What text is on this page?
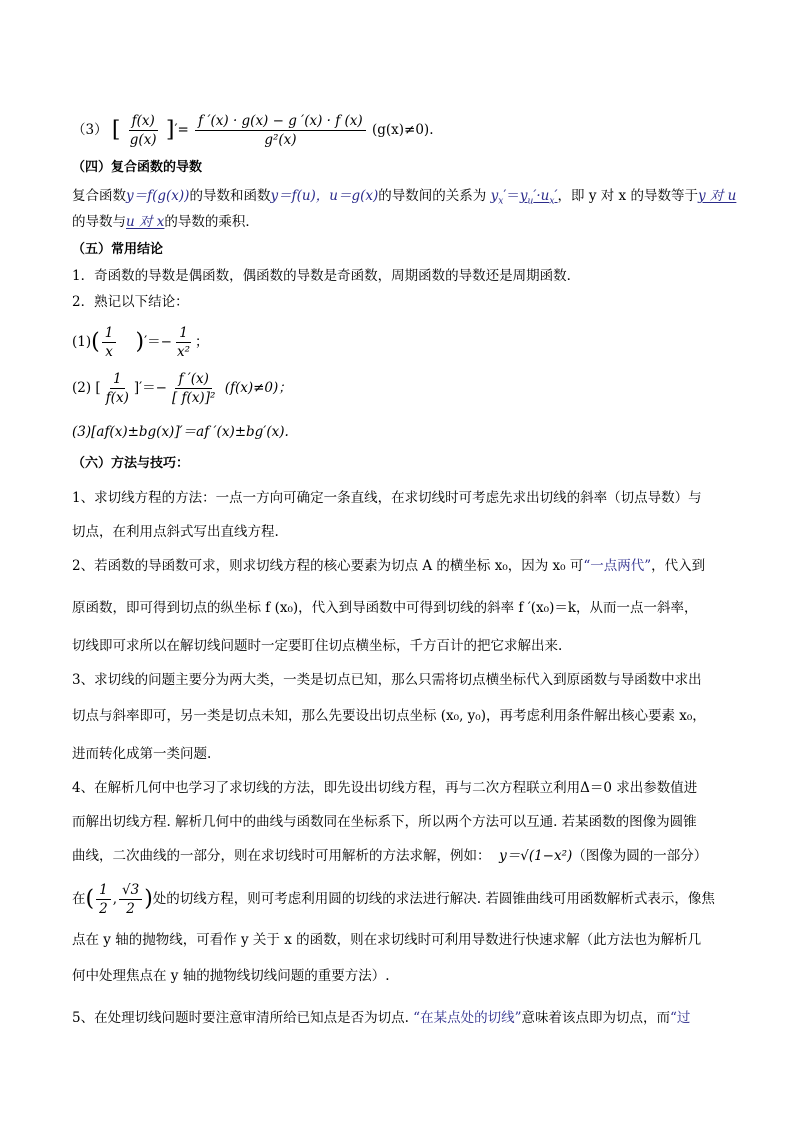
（3） [ $\frac{f(x)}{g(x)}$ ]′= $\frac{f '(x) \cdot g(x) - g '(x) \cdot f (x)}{\text{g²(x)}} (g(x)\ne 0)$.
（四）复合函数的导数
复合函数y＝f(g(x))的导数和函数y＝f(u)，u＝g(x)的导数间的关系为 $y_x'=y_u'\cdot u_x'$，即 y 对 x 的导数等于y 对 u
的导数与u 对 x的导数的乘积．
（五）常用结论
1．奇函数的导数是偶函数，偶函数的导数是奇函数，周期函数的导数还是周期函数．
2．熟记以下结论：
$(1)( \frac{1}{x}$ )′＝− $\frac{1}{\text{x²}}$ ；
(2) [ $\frac{1}{f(x)}$ ]′＝− $\frac{f '(x)}{\text{[ f(x)]²}} (f(x)\ne 0)$；
(3)[af(x)±bg(x)]′＝af ′(x)±bg′(x).
（六）方法与技巧：
1、求切线方程的方法：一点一方向可确定一条直线，在求切线时可考虑先求出切线的斜率（切点导数）与
切点，在利用点斜式写出直线方程.
2、若函数的导函数可求，则求切线方程的核心要素为切点 A 的横坐标 x₀，因为 x₀ 可“一点两代”，代入到
原函数，即可得到切点的纵坐标 f (x₀)，代入到导函数中可得到切线的斜率 f ′(x₀)＝k，从而一点一斜率，
切线即可求所以在解切线问题时一定要盯住切点横坐标，千方百计的把它求解出来.
3、求切线的问题主要分为两大类，一类是切点已知，那么只需将切点横坐标代入到原函数与导函数中求出
切点与斜率即可，另一类是切点未知，那么先要设出切点坐标 (x₀, y₀)，再考虑利用条件解出核心要素 x₀，
进而转化成第一类问题.
4、在解析几何中也学习了求切线的方法，即先设出切线方程，再与二次方程联立利用Δ＝0 求出参数值进
而解出切线方程. 解析几何中的曲线与函数同在坐标系下，所以两个方法可以互通. 若某函数的图像为圆锥
曲线，二次曲线的一部分，则在求切线时可用解析的方法求解，例如： y＝√(1−x²)（图像为圆的一部分）
在( $\frac{1}{2}$ , $\frac{√3}{2}$ )处的切线方程，则可考虑利用圆的切线的求法进行解决. 若圆锥曲线可用函数解析式表示，像焦
点在 y 轴的抛物线，可看作 y 关于 x 的函数，则在求切线时可利用导数进行快速求解（此方法也为解析几
何中处理焦点在 y 轴的抛物线切线问题的重要方法）.
5、在处理切线问题时要注意审清所给已知点是否为切点. “在某点处的切线”意味着该点即为切点，而“过
